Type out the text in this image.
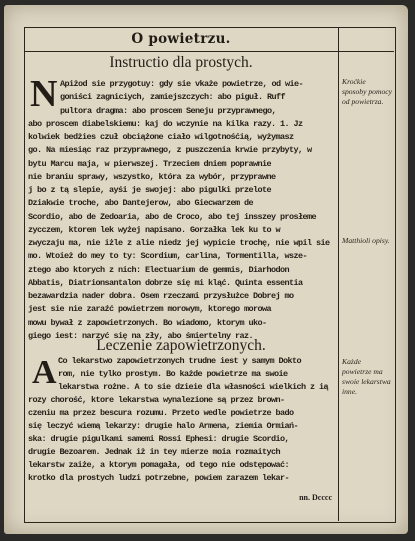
O powietrzu.
Instructio dla prostych.
N Apiżod sie przygotuy: gdy sie vkaże powietrze, od wie-
goniści zagniciych, zamiejszczych: abo piguł. Ruff
pultora dragma: abo proscem Seneju przyprawnego,
abo proscem diabelskiemu: kaj do wczynie na kilka razy. 1. Jz
kolwiek bedżies czuł obciążone ciało wilgotnośćią, wyżymasz
go. Na miesiąc raz przyprawnego, z puszczenia krwie przybyty, w
bytu Marcu maja, w pierwszej. Trzeciem dniem poprawnie
nie braniu sprawy, wszystko, która za wybór, przyprawne
j bo z tą slepie, ayśi je swojej: abo pigulki przelote
Dziakwie troche, abo Dantejerow, abo Giecwarzem de
Scordio, abo de Zedoaria, abo de Croco, abo tej insszey prosłeme
zycczem, ktorem lek wyżej napisano. Gorzałka lek ku to w
zwyczaju ma, nie iżle z alie niedz jej wypicie trochę, nie wpil sie
mo. Wtoież do mey to ty: Scordium, carlina, Tormentilla, wsze-
ztego abo ktorych z nich: Electuarium de gemmis, Diarhodon
Abbatis, Diatrionsantalon dobrze się mi kląć. Quinta essentia
bezawardzia nader dobra. Osem rzeczami przysłużce Dobrej mo
jest sie nie zaraźć powietrzem morowym, ktorego morowa
mowu bywał z zapowietrzonych. Bo wiadomo, ktorym uko-
giego iest: narzyć się na zły, abo śmiertelny raz.
Leczenie zapowietrzonych.
A Co lekarstwo zapowietrzonych trudne iest y samym Dokto
rom, nie tylko prostym. Bo każde powietrze ma swoie
lekarstwa rożne. A to sie dzieie dla własności wielkich z ią
rozy chorość, ktore lekarstwa wynalezione są przez brown-
czeniu ma przez bescura rozumu. Przeto wedle powietrze bado
się leczyć wiemą lekarzy: drugie halo Armena, ziemia Ormiań-
ska: drugie pigulkami samemi Rossi Ephesi: drugie Scordio,
drugie Bezoarem. Jednak iż in tey mierze moia rozmaitych
lekarstw zaiże, a ktorym pomagała, od tego nie odstępować:
krotko dla prostych ludzi potrzebne, powiem zarazem lekar-
Kroćkie sposoby pomocy od powietrza.
Matthioli opisy.
Każde powietrze ma swoie lekarstwa inne.
nn. Dcccc
